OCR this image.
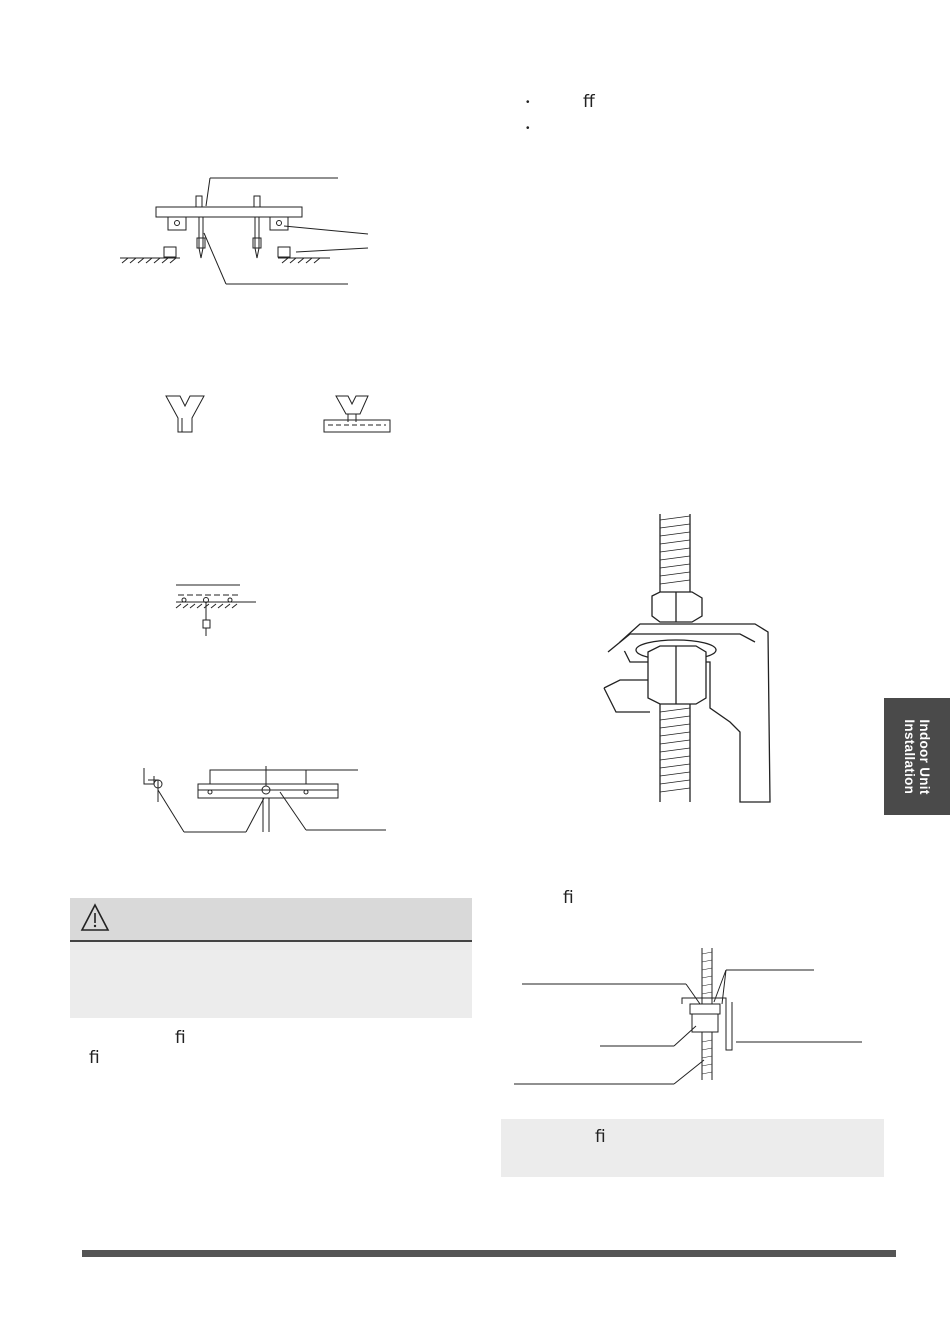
fi
fi
•	ff
•
fi
fi
Indoor Unit
Installation
